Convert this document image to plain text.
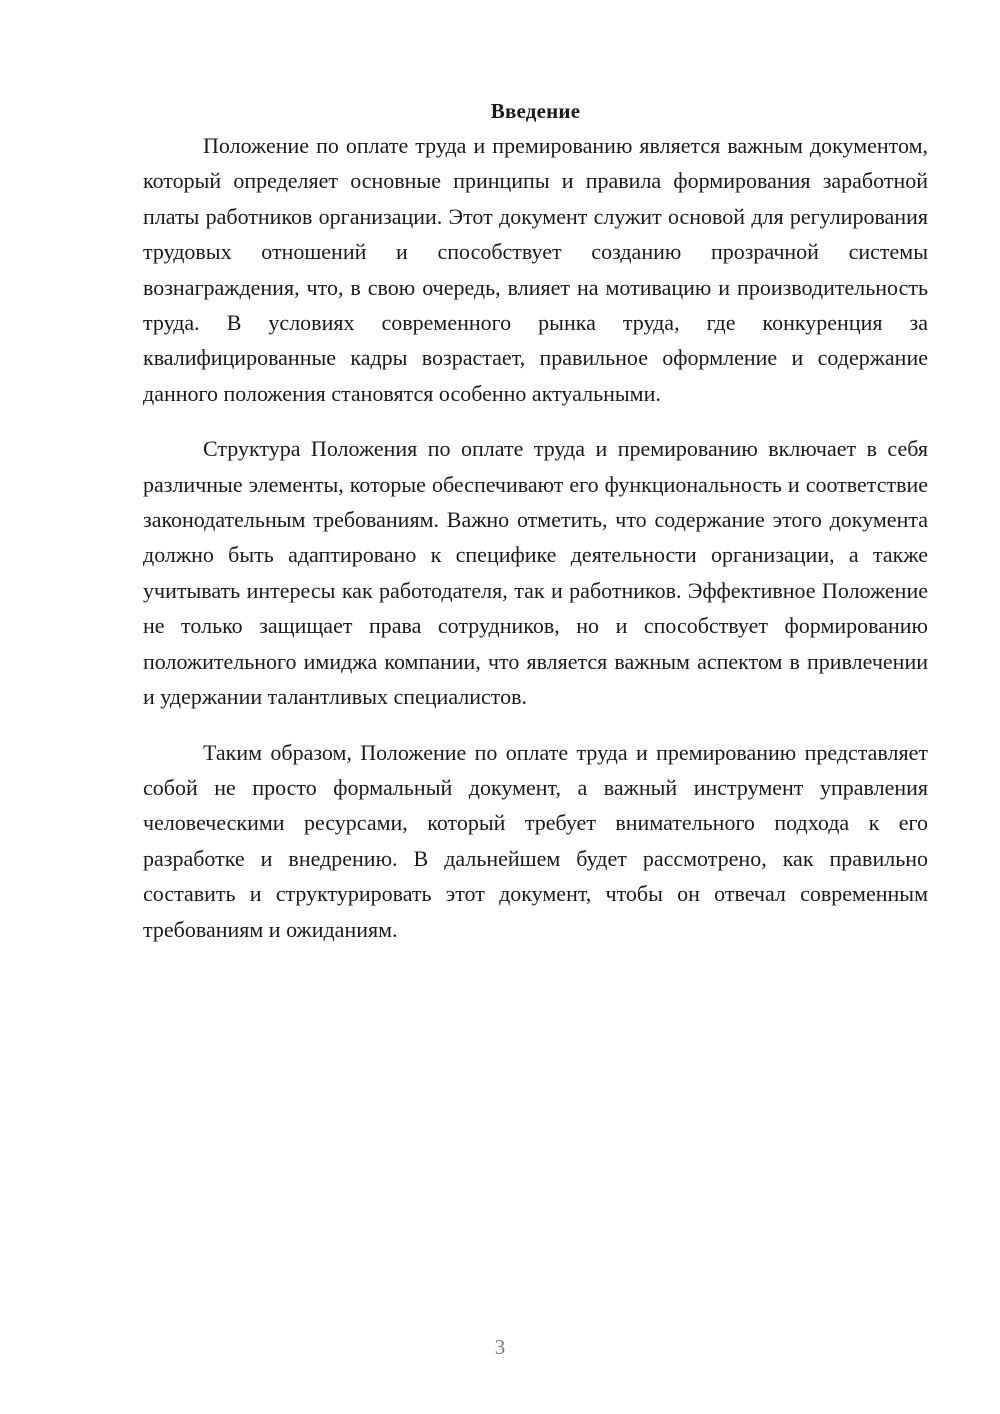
Введение

Положение по оплате труда и премированию является важным документом, который определяет основные принципы и правила формирования заработной платы работников организации. Этот документ служит основой для регулирования трудовых отношений и способствует созданию прозрачной системы вознаграждения, что, в свою очередь, влияет на мотивацию и производительность труда. В условиях современного рынка труда, где конкуренция за квалифицированные кадры возрастает, правильное оформление и содержание данного положения становятся особенно актуальными.

Структура Положения по оплате труда и премированию включает в себя различные элементы, которые обеспечивают его функциональность и соответствие законодательным требованиям. Важно отметить, что содержание этого документа должно быть адаптировано к специфике деятельности организации, а также учитывать интересы как работодателя, так и работников. Эффективное Положение не только защищает права сотрудников, но и способствует формированию положительного имиджа компании, что является важным аспектом в привлечении и удержании талантливых специалистов.

Таким образом, Положение по оплате труда и премированию представляет собой не просто формальный документ, а важный инструмент управления человеческими ресурсами, который требует внимательного подхода к его разработке и внедрению. В дальнейшем будет рассмотрено, как правильно составить и структурировать этот документ, чтобы он отвечал современным требованиям и ожиданиям.

3
